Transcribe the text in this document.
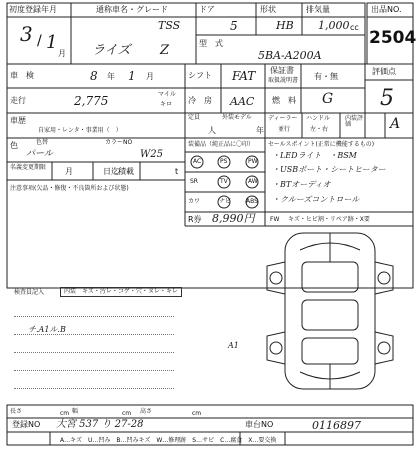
初度登録年月
3 / 1
月
通称車名・グレード
ライズ Z
TSS
ドア
5
形状
HB
排気量
1,000 cc
型　式
5BA-A200A
出品NO.
2504
車　検	8 年 1 月	シフト FAT 保証書
取扱説明書 有・無
評価点
5
走行	2,775	マイル
キロ 冷　房 AAC 燃　料 G
車歴
自家用・レンタ・事業用（　）
定員
人
外装モデル
年
ディーラー
並行
ハンドル
左・右
内装評価	A
色	色替	カラーNO
パール	W25
名義変更期限	月	日迄 積載	t
注意事項(欠品・修復・不良箇所および状態)
装備品（純正品に〇印）
AC	PS	PW
SR	TV	AW
カワ	ナビ ABS
セールスポイント(正常に機能するもの)
・LEDライト　・BSM
・USBポート・シートヒーター
・BTオーディオ
・クルーズコントロール
R券 8,990円	FW キズ・ヒビ割・リペア跡・X要
検査員記入	内装　キズ・汚レ・コゲ・穴・ヌレ・キレ
チ.A1ル.B
A1
長さ	cm 幅	cm 高さ	cm
登録NO 大宮 537 り 27-28	車台NO	0116897
A…キズ　U…凹み　B…凹みキズ　W…修理跡　S…サビ　C…腐食　X…要交換
